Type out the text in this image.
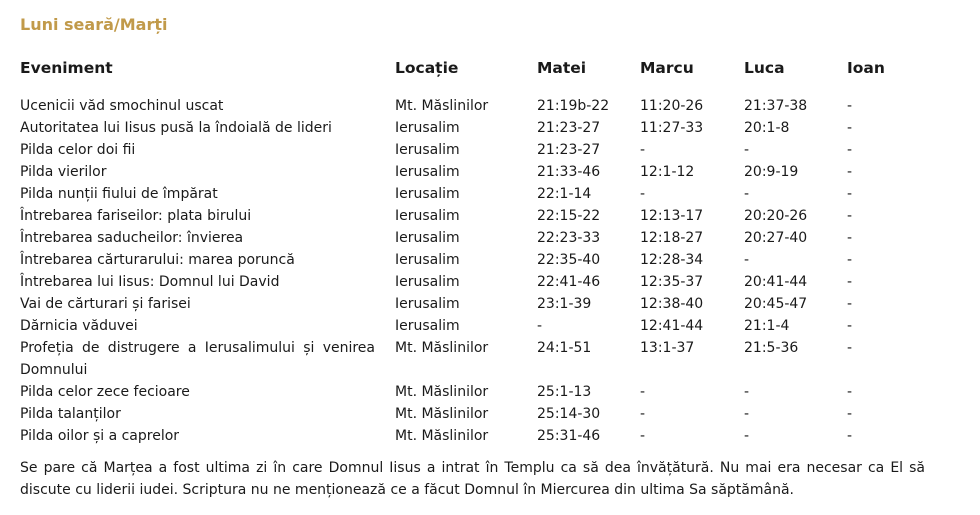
Luni seară/Marți
Eveniment	Locație	Matei	Marcu	Luca	Ioan
Ucenicii văd smochinul uscat	Mt. Măslinilor	21:19b-22	11:20-26	21:37-38	-
Autoritatea lui Iisus pusă la îndoială de lideri	Ierusalim	21:23-27	11:27-33	20:1-8	-
Pilda celor doi fii	Ierusalim	21:23-27	-	-	-
Pilda vierilor	Ierusalim	21:33-46	12:1-12	20:9-19	-
Pilda nunții fiului de împărat	Ierusalim	22:1-14	-	-	-
Întrebarea fariseilor: plata birului	Ierusalim	22:15-22	12:13-17	20:20-26	-
Întrebarea saducheilor: învierea	Ierusalim	22:23-33	12:18-27	20:27-40	-
Întrebarea cărturarului: marea poruncă	Ierusalim	22:35-40	12:28-34	-	-
Întrebarea lui Iisus: Domnul lui David	Ierusalim	22:41-46	12:35-37	20:41-44	-
Vai de cărturari și farisei	Ierusalim	23:1-39	12:38-40	20:45-47	-
Dărnicia văduvei	Ierusalim	-	12:41-44	21:1-4	-
Profeția de distrugere a Ierusalimului și venirea Domnului	Mt. Măslinilor	24:1-51	13:1-37	21:5-36	-
Pilda celor zece fecioare	Mt. Măslinilor	25:1-13	-	-	-
Pilda talanților	Mt. Măslinilor	25:14-30	-	-	-
Pilda oilor și a caprelor	Mt. Măslinilor	25:31-46	-	-	-
Se pare că Marțea a fost ultima zi în care Domnul Iisus a intrat în Templu ca să dea învățătură. Nu mai era necesar ca El să discute cu liderii iudei. Scriptura nu ne menționează ce a făcut Domnul în Miercurea din ultima Sa săptămână.
